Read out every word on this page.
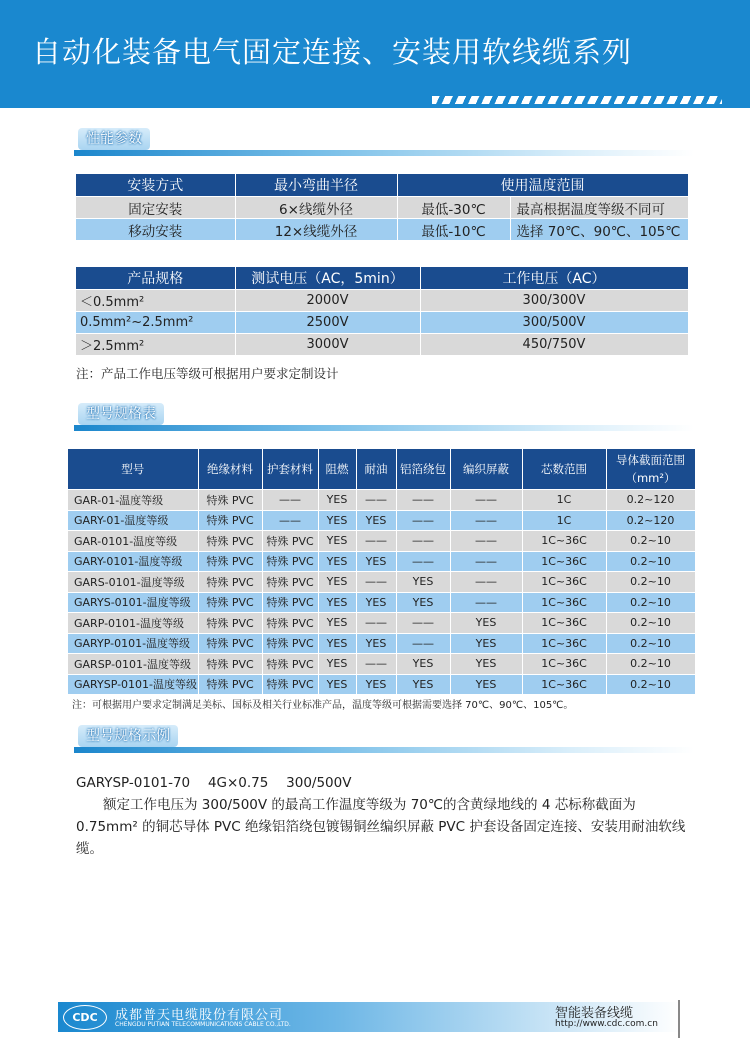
自动化装备电气固定连接、安装用软线缆系列
性能参数
安装方式	最小弯曲半径	使用温度范围	
固定安装	6×线缆外径	最低-30℃	最高根据温度等级不同可
移动安装	12×线缆外径	最低-10℃	选择 70℃、90℃、105℃
产品规格	测试电压（AC，5min）	工作电压（AC）
＜0.5mm²	2000V	300/300V
0.5mm²~2.5mm²	2500V	300/500V
＞2.5mm²	3000V	450/750V
注：产品工作电压等级可根据用户要求定制设计
型号规格表
型号	绝缘材料	护套材料	阻燃	耐油	铝箔绕包	编织屏蔽	芯数范围	导体截面范围
（mm²）

GAR-01-温度等级	特殊 PVC	——	YES	——	——	——	1C	0.2~120
GARY-01-温度等级	特殊 PVC	——	YES	YES	——	——	1C	0.2~120
GAR-0101-温度等级	特殊 PVC	特殊 PVC	YES	——	——	——	1C~36C	0.2~10
GARY-0101-温度等级	特殊 PVC	特殊 PVC	YES	YES	——	——	1C~36C	0.2~10
GARS-0101-温度等级	特殊 PVC	特殊 PVC	YES	——	YES	——	1C~36C	0.2~10
GARYS-0101-温度等级	特殊 PVC	特殊 PVC	YES	YES	YES	——	1C~36C	0.2~10
GARP-0101-温度等级	特殊 PVC	特殊 PVC	YES	——	——	YES	1C~36C	0.2~10
GARYP-0101-温度等级	特殊 PVC	特殊 PVC	YES	YES	——	YES	1C~36C	0.2~10
GARSP-0101-温度等级	特殊 PVC	特殊 PVC	YES	——	YES	YES	1C~36C	0.2~10
GARYSP-0101-温度等级	特殊 PVC	特殊 PVC	YES	YES	YES	YES	1C~36C	0.2~10
注：可根据用户要求定制满足美标、国标及相关行业标准产品，温度等级可根据需要选择 70℃、90℃、105℃。
型号规格示例
GARYSP-0101-70　 4G×0.75　 300/500V
额定工作电压为 300/500V 的最高工作温度等级为 70℃的含黄绿地线的 4 芯标称截面为 0.75mm² 的铜芯导体 PVC 绝缘铝箔绕包镀锡铜丝编织屏蔽 PVC 护套设备固定连接、安装用耐油软线缆。
CDC	成都普天电缆股份有限公司
CHENGDU PUTIAN TELECOMMUNICATIONS CABLE CO.,LTD.
智能装备线缆
http://www.cdc.com.cn
